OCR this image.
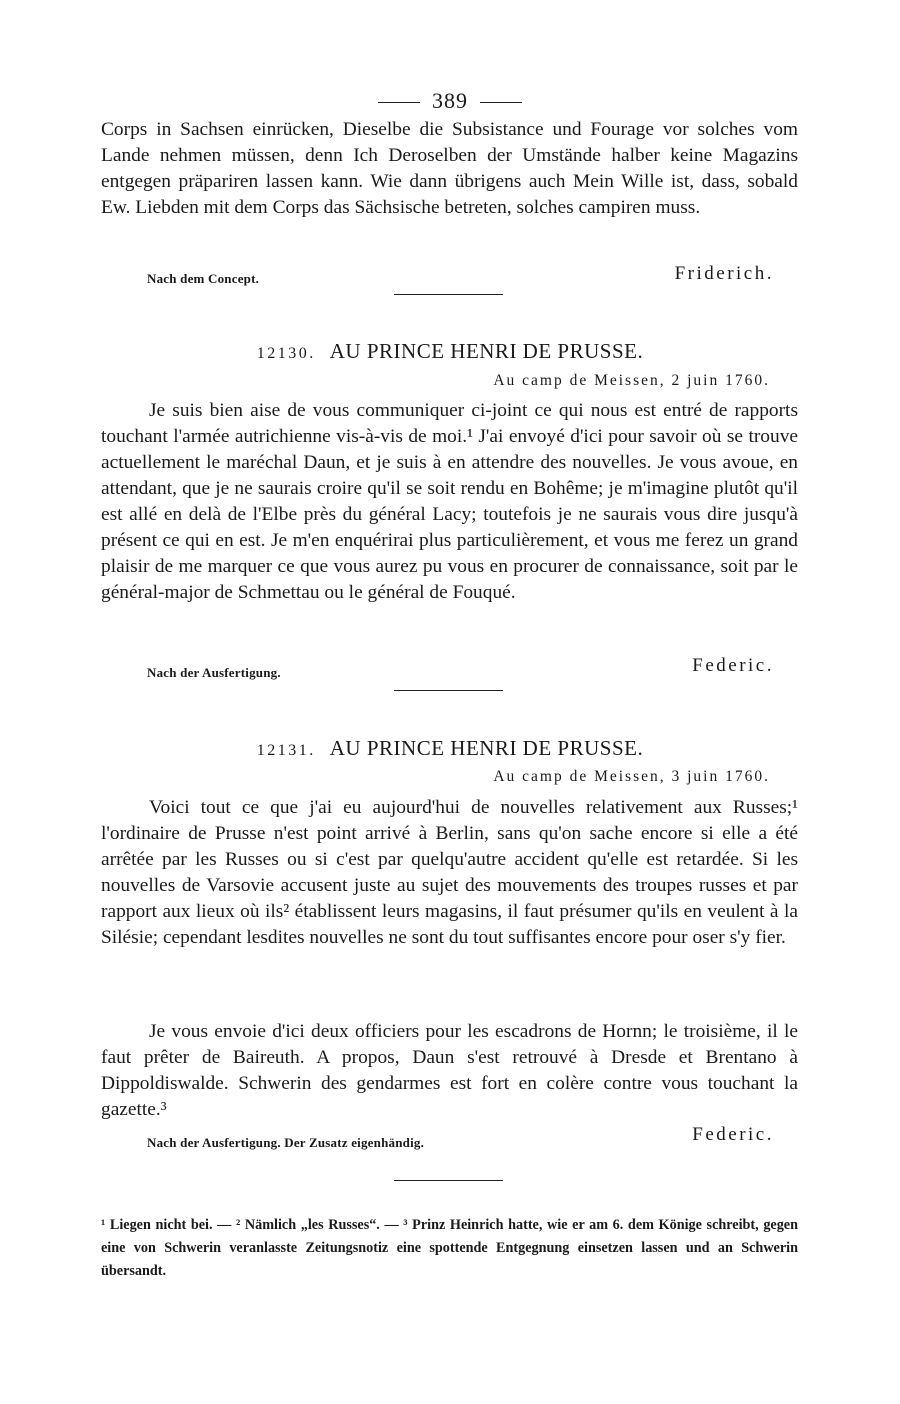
389

Corps in Sachsen einrücken, Dieselbe die Subsistance und Fourage vor solches vom Lande nehmen müssen, denn Ich Deroselben der Umstände halber keine Magazins entgegen präpariren lassen kann. Wie dann übrigens auch Mein Wille ist, dass, sobald Ew. Liebden mit dem Corps das Sächsische betreten, solches campiren muss.

Nach dem Concept.	Friderich.
12130. AU PRINCE HENRI DE PRUSSE.
Au camp de Meissen, 2 juin 1760.

Je suis bien aise de vous communiquer ci-joint ce qui nous est entré de rapports touchant l'armée autrichienne vis-à-vis de moi.¹ J'ai envoyé d'ici pour savoir où se trouve actuellement le maréchal Daun, et je suis à en attendre des nouvelles. Je vous avoue, en attendant, que je ne saurais croire qu'il se soit rendu en Bohême; je m'imagine plutôt qu'il est allé en delà de l'Elbe près du général Lacy; toutefois je ne saurais vous dire jusqu'à présent ce qui en est. Je m'en enquérirai plus particulièrement, et vous me ferez un grand plaisir de me marquer ce que vous aurez pu vous en procurer de connaissance, soit par le général-major de Schmettau ou le général de Fouqué.

Nach der Ausfertigung.	Federic.
12131. AU PRINCE HENRI DE PRUSSE.
Au camp de Meissen, 3 juin 1760.

Voici tout ce que j'ai eu aujourd'hui de nouvelles relativement aux Russes;¹ l'ordinaire de Prusse n'est point arrivé à Berlin, sans qu'on sache encore si elle a été arrêtée par les Russes ou si c'est par quelqu'autre accident qu'elle est retardée. Si les nouvelles de Varsovie accusent juste au sujet des mouvements des troupes russes et par rapport aux lieux où ils² établissent leurs magasins, il faut présumer qu'ils en veulent à la Silésie; cependant lesdites nouvelles ne sont du tout suffisantes encore pour oser s'y fier.

Je vous envoie d'ici deux officiers pour les escadrons de Hornn; le troisième, il le faut prêter de Baireuth. A propos, Daun s'est retrouvé à Dresde et Brentano à Dippoldiswalde. Schwerin des gendarmes est fort en colère contre vous touchant la gazette.³

Nach der Ausfertigung. Der Zusatz eigenhändig.	Federic.

¹ Liegen nicht bei. — ² Nämlich „les Russes“. — ³ Prinz Heinrich hatte, wie er am 6. dem Könige schreibt, gegen eine von Schwerin veranlasste Zeitungsnotiz eine spottende Entgegnung einsetzen lassen und an Schwerin übersandt.
